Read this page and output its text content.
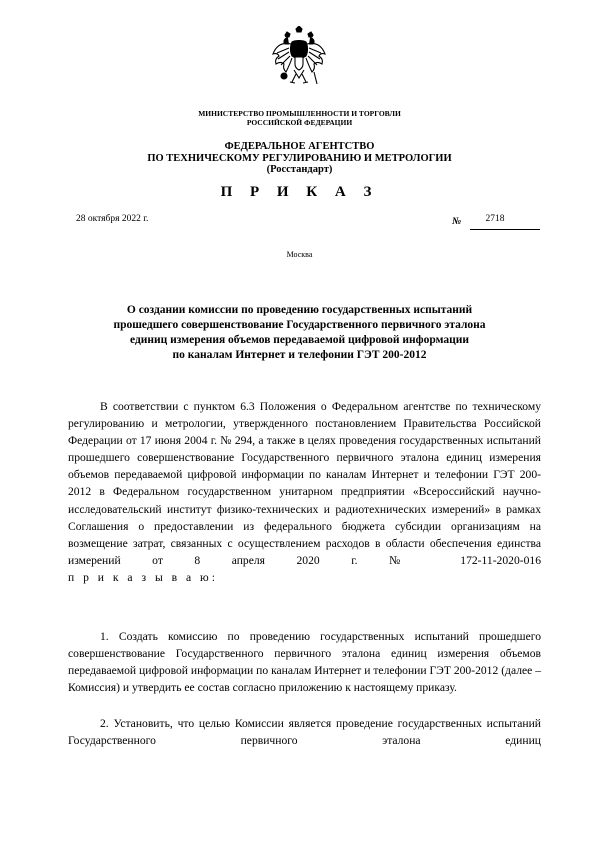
МИНИСТЕРСТВО ПРОМЫШЛЕННОСТИ И ТОРГОВЛИ
РОССИЙСКОЙ ФЕДЕРАЦИИ
ФЕДЕРАЛЬНОЕ АГЕНТСТВО
ПО ТЕХНИЧЕСКОМУ РЕГУЛИРОВАНИЮ И МЕТРОЛОГИИ
(Росстандарт)
П Р И К А З
28 октября 2022 г.	№	2718
Москва
О создании комиссии по проведению государственных испытаний
прошедшего совершенствование Государственного первичного эталона
единиц измерения объемов передаваемой цифровой информации
по каналам Интернет и телефонии ГЭТ 200-2012
В соответствии с пунктом 6.3 Положения о Федеральном агентстве по техническому регулированию и метрологии, утвержденного постановлением Правительства Российской Федерации от 17 июня 2004 г. № 294, а также в целях проведения государственных испытаний прошедшего совершенствование Государственного первичного эталона единиц измерения объемов передаваемой цифровой информации по каналам Интернет и телефонии ГЭТ 200-2012 в Федеральном государственном унитарном предприятии «Всероссийский научно-исследовательский институт физико-технических и радиотехнических измерений» в рамках Соглашения о предоставлении из федерального бюджета субсидии организациям на возмещение затрат, связанных с осуществлением расходов в области обеспечения единства измерений от 8 апреля 2020 г. № 172-11-2020-016
п р и к а з ы в а ю:
1. Создать комиссию по проведению государственных испытаний прошедшего совершенствование Государственного первичного эталона единиц измерения объемов передаваемой цифровой информации по каналам Интернет и телефонии ГЭТ 200-2012 (далее – Комиссия) и утвердить ее состав согласно приложению к настоящему приказу.
2. Установить, что целью Комиссии является проведение государственных испытаний Государственного первичного эталона единиц
